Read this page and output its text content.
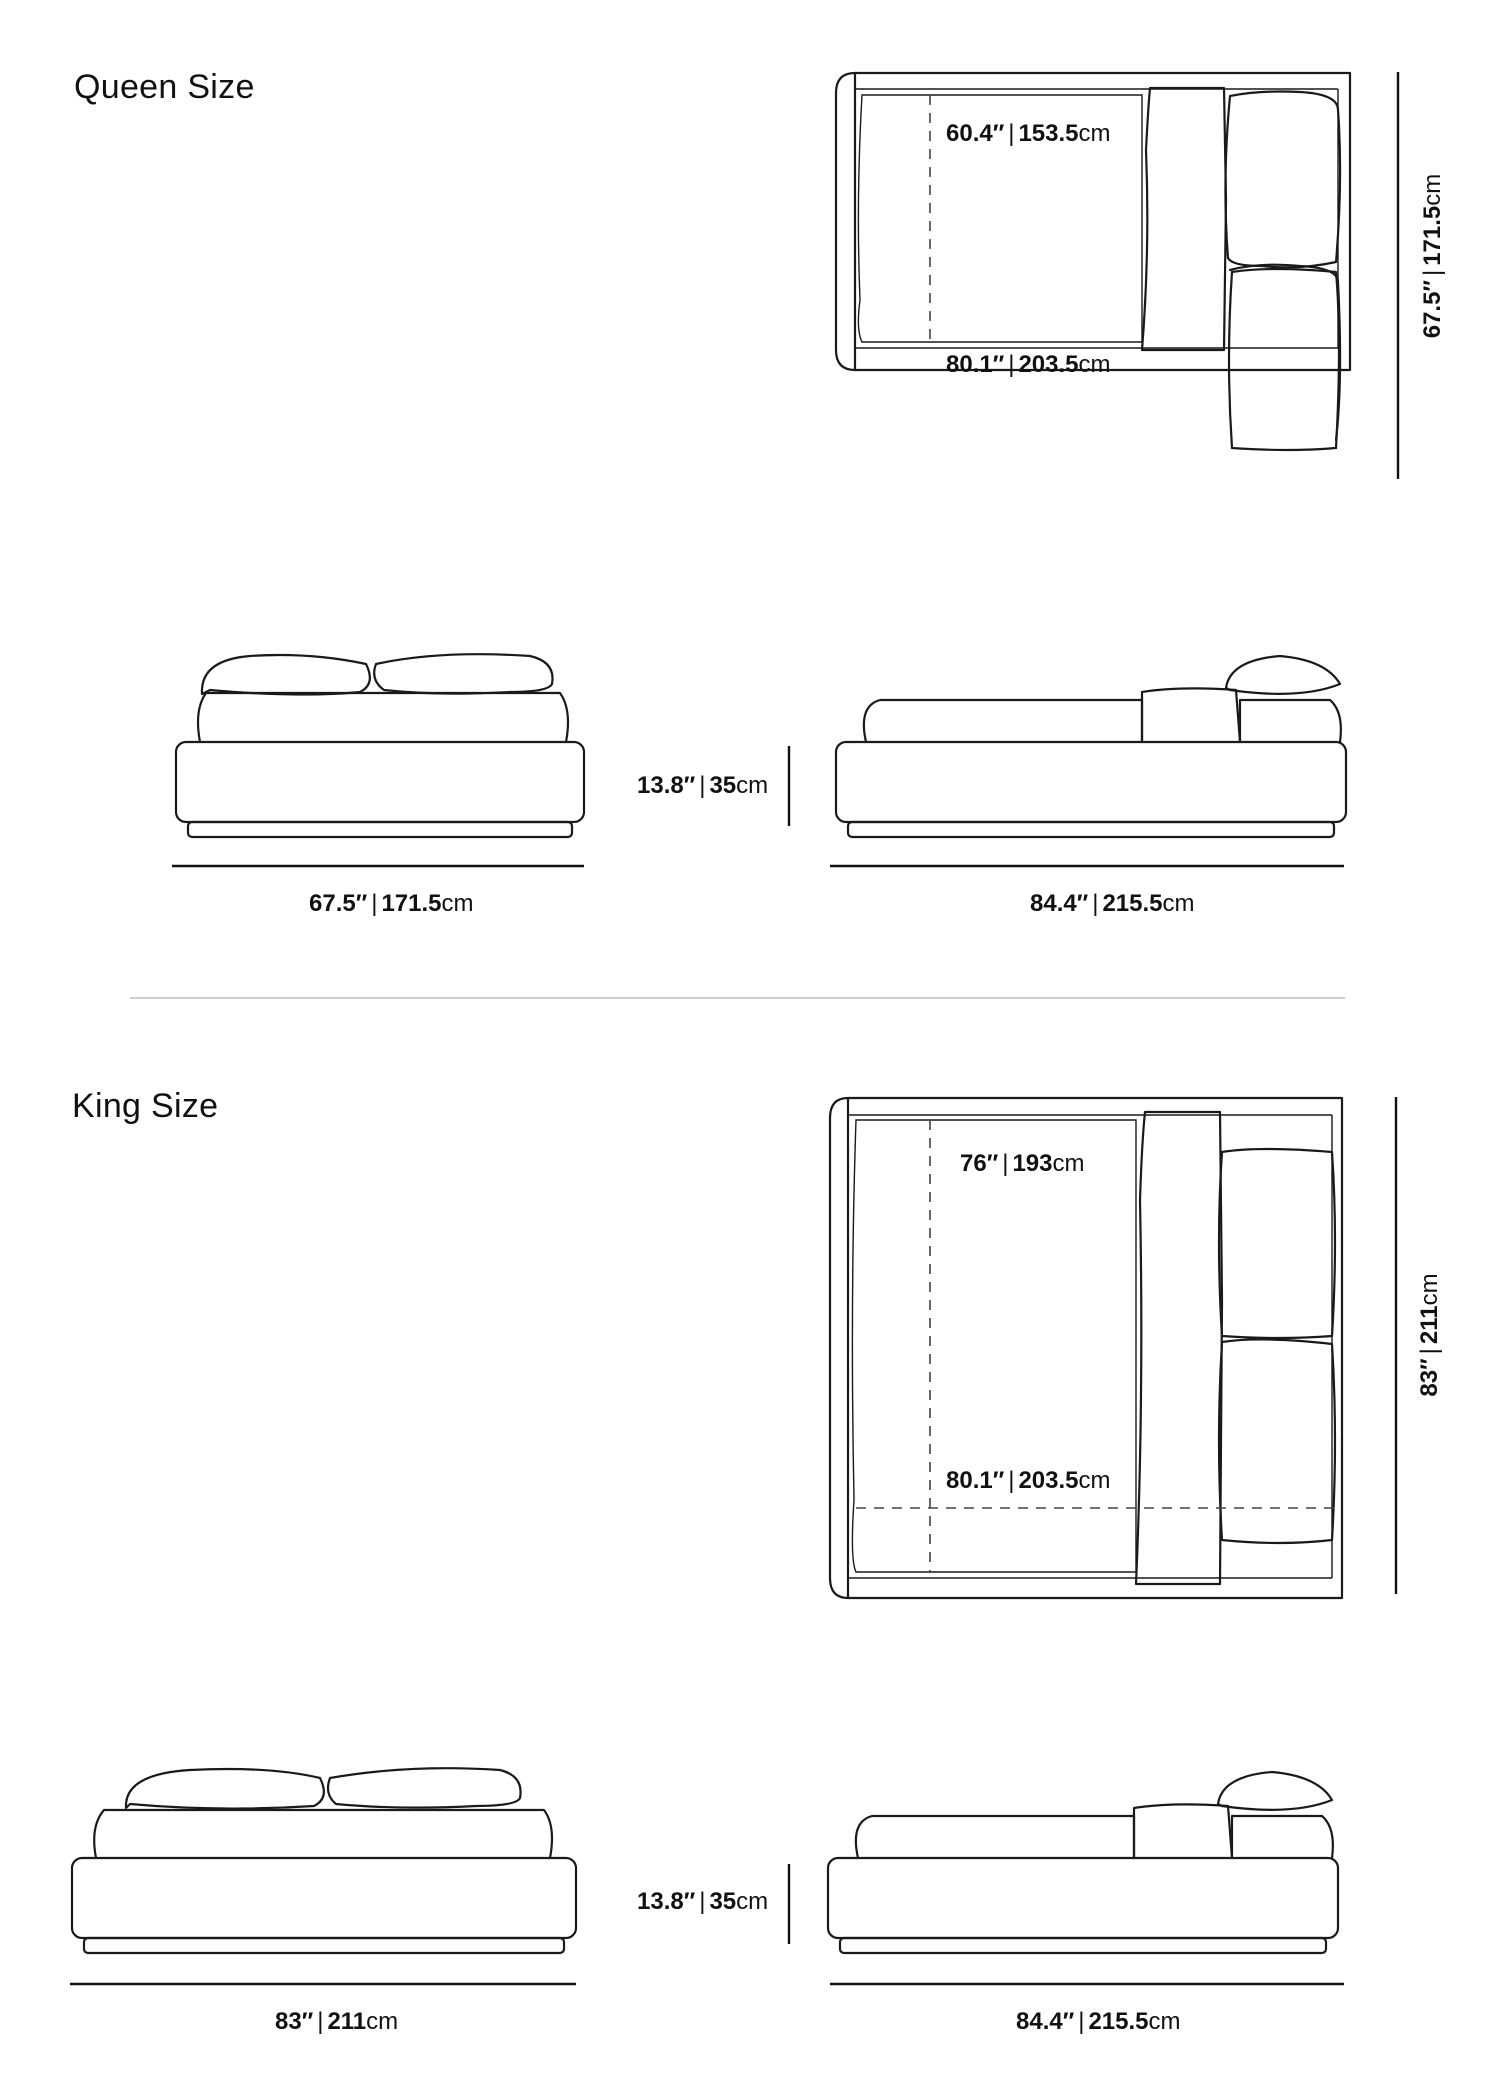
Queen Size
King Size
60.4″ | 153.5cm
80.1″ | 203.5cm
67.5″|171.5cm
13.8″ | 35cm
67.5″ | 171.5cm	84.4″ | 215.5cm
76″ | 193cm
80.1″ | 203.5cm
83″|211cm
13.8″ | 35cm
83″ | 211cm	84.4″ | 215.5cm
